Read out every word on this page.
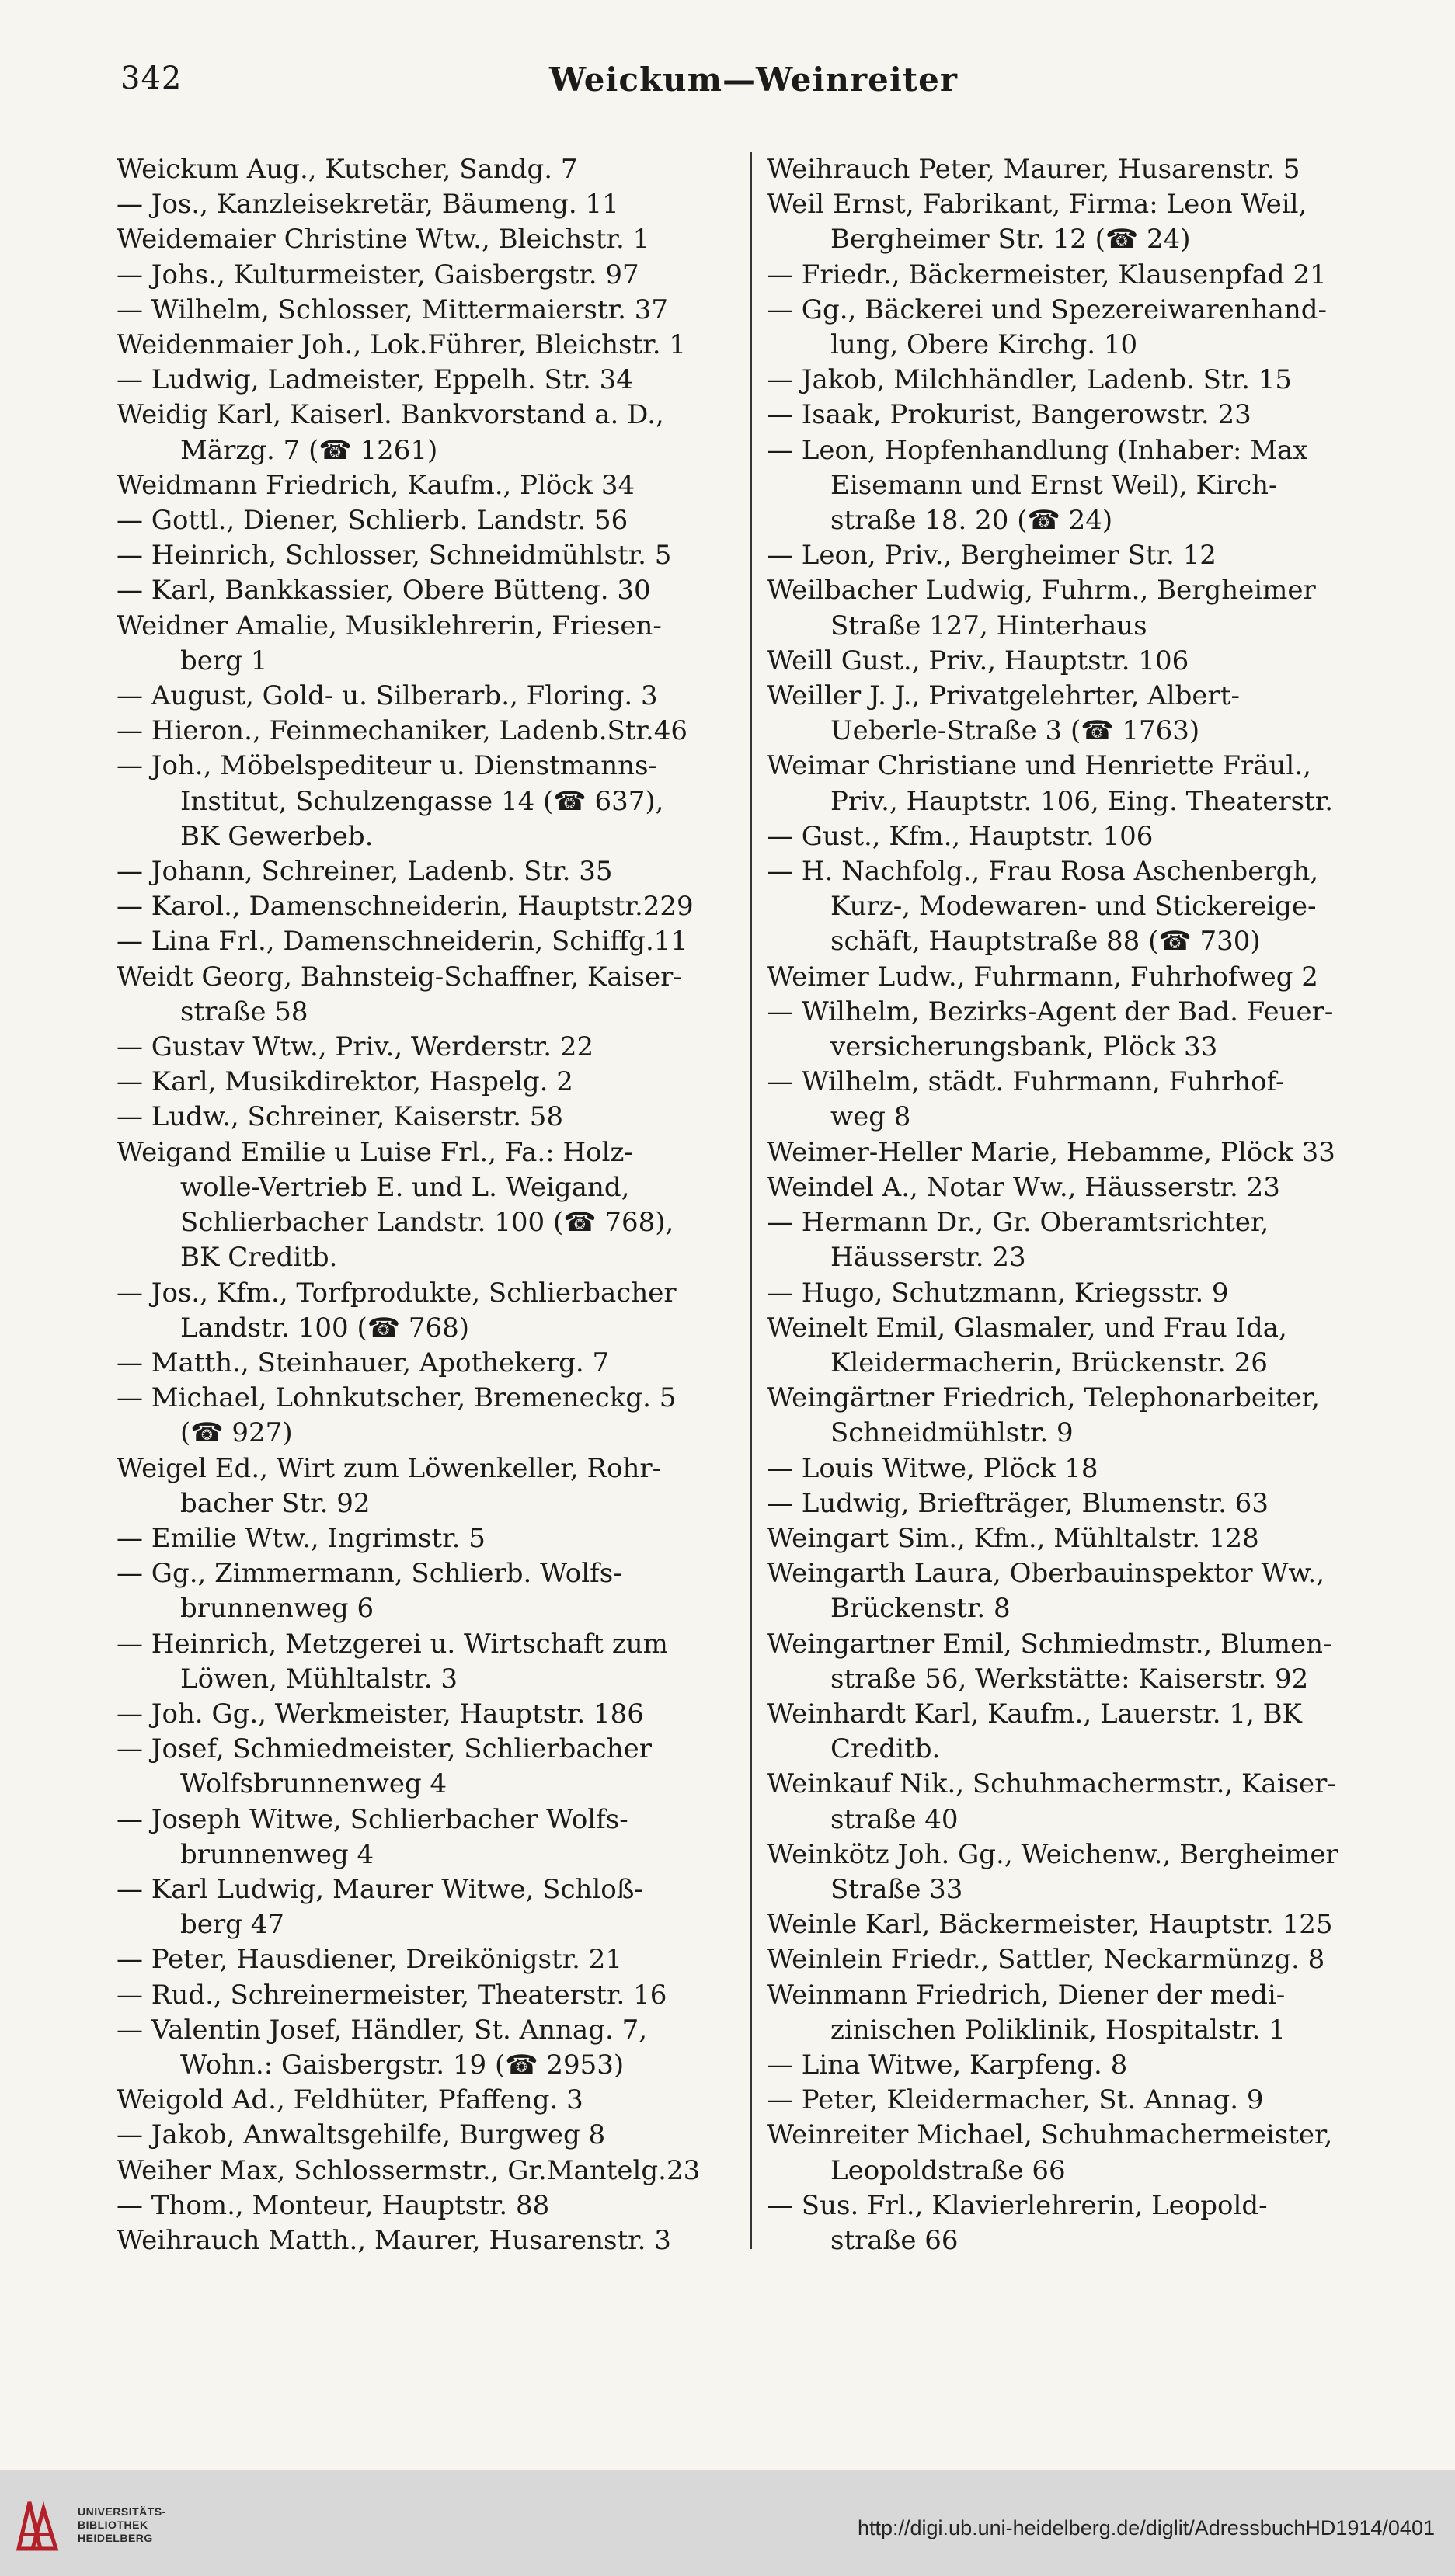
342	Weickum—Weinreiter
Weickum Aug., Kutscher, Sandg. 7
— Jos., Kanzleisekretär, Bäumeng. 11
Weidemaier Christine Wtw., Bleichstr. 1
— Johs., Kulturmeister, Gaisbergstr. 97
— Wilhelm, Schlosser, Mittermaierstr. 37
Weidenmaier Joh., Lok.Führer, Bleichstr. 1
— Ludwig, Ladmeister, Eppelh. Str. 34
Weidig Karl, Kaiserl. Bankvorstand a. D.,
Märzg. 7 (☎ 1261)
Weidmann Friedrich, Kaufm., Plöck 34
— Gottl., Diener, Schlierb. Landstr. 56
— Heinrich, Schlosser, Schneidmühlstr. 5
— Karl, Bankkassier, Obere Bütteng. 30
Weidner Amalie, Musiklehrerin, Friesen-
berg 1
— August, Gold- u. Silberarb., Floring. 3
— Hieron., Feinmechaniker, Ladenb.Str.46
— Joh., Möbelspediteur u. Dienstmanns-
Institut, Schulzengasse 14 (☎ 637),
BK Gewerbeb.
— Johann, Schreiner, Ladenb. Str. 35
— Karol., Damenschneiderin, Hauptstr.229
— Lina Frl., Damenschneiderin, Schiffg.11
Weidt Georg, Bahnsteig-Schaffner, Kaiser-
straße 58
— Gustav Wtw., Priv., Werderstr. 22
— Karl, Musikdirektor, Haspelg. 2
— Ludw., Schreiner, Kaiserstr. 58
Weigand Emilie u Luise Frl., Fa.: Holz-
wolle-Vertrieb E. und L. Weigand,
Schlierbacher Landstr. 100 (☎ 768),
BK Creditb.
— Jos., Kfm., Torfprodukte, Schlierbacher
Landstr. 100 (☎ 768)
— Matth., Steinhauer, Apothekerg. 7
— Michael, Lohnkutscher, Bremeneckg. 5
(☎ 927)
Weigel Ed., Wirt zum Löwenkeller, Rohr-
bacher Str. 92
— Emilie Wtw., Ingrimstr. 5
— Gg., Zimmermann, Schlierb. Wolfs-
brunnenweg 6
— Heinrich, Metzgerei u. Wirtschaft zum
Löwen, Mühltalstr. 3
— Joh. Gg., Werkmeister, Hauptstr. 186
— Josef, Schmiedmeister, Schlierbacher
Wolfsbrunnenweg 4
— Joseph Witwe, Schlierbacher Wolfs-
brunnenweg 4
— Karl Ludwig, Maurer Witwe, Schloß-
berg 47
— Peter, Hausdiener, Dreikönigstr. 21
— Rud., Schreinermeister, Theaterstr. 16
— Valentin Josef, Händler, St. Annag. 7,
Wohn.: Gaisbergstr. 19 (☎ 2953)
Weigold Ad., Feldhüter, Pfaffeng. 3
— Jakob, Anwaltsgehilfe, Burgweg 8
Weiher Max, Schlossermstr., Gr.Mantelg.23
— Thom., Monteur, Hauptstr. 88
Weihrauch Matth., Maurer, Husarenstr. 3
Weihrauch Peter, Maurer, Husarenstr. 5
Weil Ernst, Fabrikant, Firma: Leon Weil,
Bergheimer Str. 12 (☎ 24)
— Friedr., Bäckermeister, Klausenpfad 21
— Gg., Bäckerei und Spezereiwarenhand-
lung, Obere Kirchg. 10
— Jakob, Milchhändler, Ladenb. Str. 15
— Isaak, Prokurist, Bangerowstr. 23
— Leon, Hopfenhandlung (Inhaber: Max
Eisemann und Ernst Weil), Kirch-
straße 18. 20 (☎ 24)
— Leon, Priv., Bergheimer Str. 12
Weilbacher Ludwig, Fuhrm., Bergheimer
Straße 127, Hinterhaus
Weill Gust., Priv., Hauptstr. 106
Weiller J. J., Privatgelehrter, Albert-
Ueberle-Straße 3 (☎ 1763)
Weimar Christiane und Henriette Fräul.,
Priv., Hauptstr. 106, Eing. Theaterstr.
— Gust., Kfm., Hauptstr. 106
— H. Nachfolg., Frau Rosa Aschenbergh,
Kurz-, Modewaren- und Stickereige-
schäft, Hauptstraße 88 (☎ 730)
Weimer Ludw., Fuhrmann, Fuhrhofweg 2
— Wilhelm, Bezirks-Agent der Bad. Feuer-
versicherungsbank, Plöck 33
— Wilhelm, städt. Fuhrmann, Fuhrhof-
weg 8
Weimer-Heller Marie, Hebamme, Plöck 33
Weindel A., Notar Ww., Häusserstr. 23
— Hermann Dr., Gr. Oberamtsrichter,
Häusserstr. 23
— Hugo, Schutzmann, Kriegsstr. 9
Weinelt Emil, Glasmaler, und Frau Ida,
Kleidermacherin, Brückenstr. 26
Weingärtner Friedrich, Telephonarbeiter,
Schneidmühlstr. 9
— Louis Witwe, Plöck 18
— Ludwig, Briefträger, Blumenstr. 63
Weingart Sim., Kfm., Mühltalstr. 128
Weingarth Laura, Oberbauinspektor Ww.,
Brückenstr. 8
Weingartner Emil, Schmiedmstr., Blumen-
straße 56, Werkstätte: Kaiserstr. 92
Weinhardt Karl, Kaufm., Lauerstr. 1, BK
Creditb.
Weinkauf Nik., Schuhmachermstr., Kaiser-
straße 40
Weinkötz Joh. Gg., Weichenw., Bergheimer
Straße 33
Weinle Karl, Bäckermeister, Hauptstr. 125
Weinlein Friedr., Sattler, Neckarmünzg. 8
Weinmann Friedrich, Diener der medi-
zinischen Poliklinik, Hospitalstr. 1
— Lina Witwe, Karpfeng. 8
— Peter, Kleidermacher, St. Annag. 9
Weinreiter Michael, Schuhmachermeister,
Leopoldstraße 66
— Sus. Frl., Klavierlehrerin, Leopold-
straße 66
UNIVERSITÄTS-
BIBLIOTHEK
HEIDELBERG	http://digi.ub.uni-heidelberg.de/diglit/AdressbuchHD1914/0401
